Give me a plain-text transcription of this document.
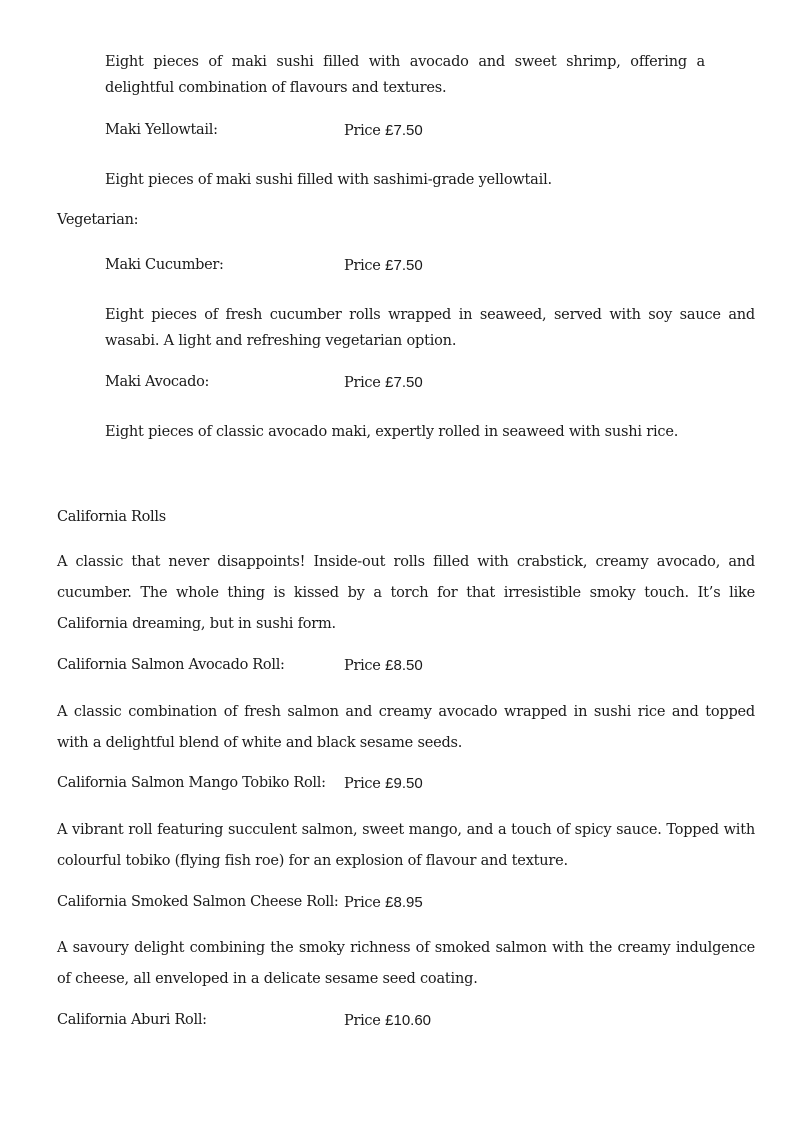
Eight pieces of maki sushi filled with avocado and sweet shrimp, offering a delightful combination of flavours and textures.

Maki Yellowtail:	Price £7.50

Eight pieces of maki sushi filled with sashimi-grade yellowtail.

Vegetarian:
Maki Cucumber:	Price £7.50

Eight pieces of fresh cucumber rolls wrapped in seaweed, served with soy sauce and wasabi. A light and refreshing vegetarian option.

Maki Avocado:	Price £7.50

Eight pieces of classic avocado maki, expertly rolled in seaweed with sushi rice.

California Rolls

A classic that never disappoints! Inside-out rolls filled with crabstick, creamy avocado, and cucumber. The whole thing is kissed by a torch for that irresistible smoky touch. It’s like California dreaming, but in sushi form.

California Salmon Avocado Roll:	Price £8.50

A classic combination of fresh salmon and creamy avocado wrapped in sushi rice and topped with a delightful blend of white and black sesame seeds.

California Salmon Mango Tobiko Roll: Price £9.50

A vibrant roll featuring succulent salmon, sweet mango, and a touch of spicy sauce. Topped with colourful tobiko (flying fish roe) for an explosion of flavour and texture.

California Smoked Salmon Cheese Roll: Price £8.95

A savoury delight combining the smoky richness of smoked salmon with the creamy indulgence of cheese, all enveloped in a delicate sesame seed coating.

California Aburi Roll:	Price £10.60
